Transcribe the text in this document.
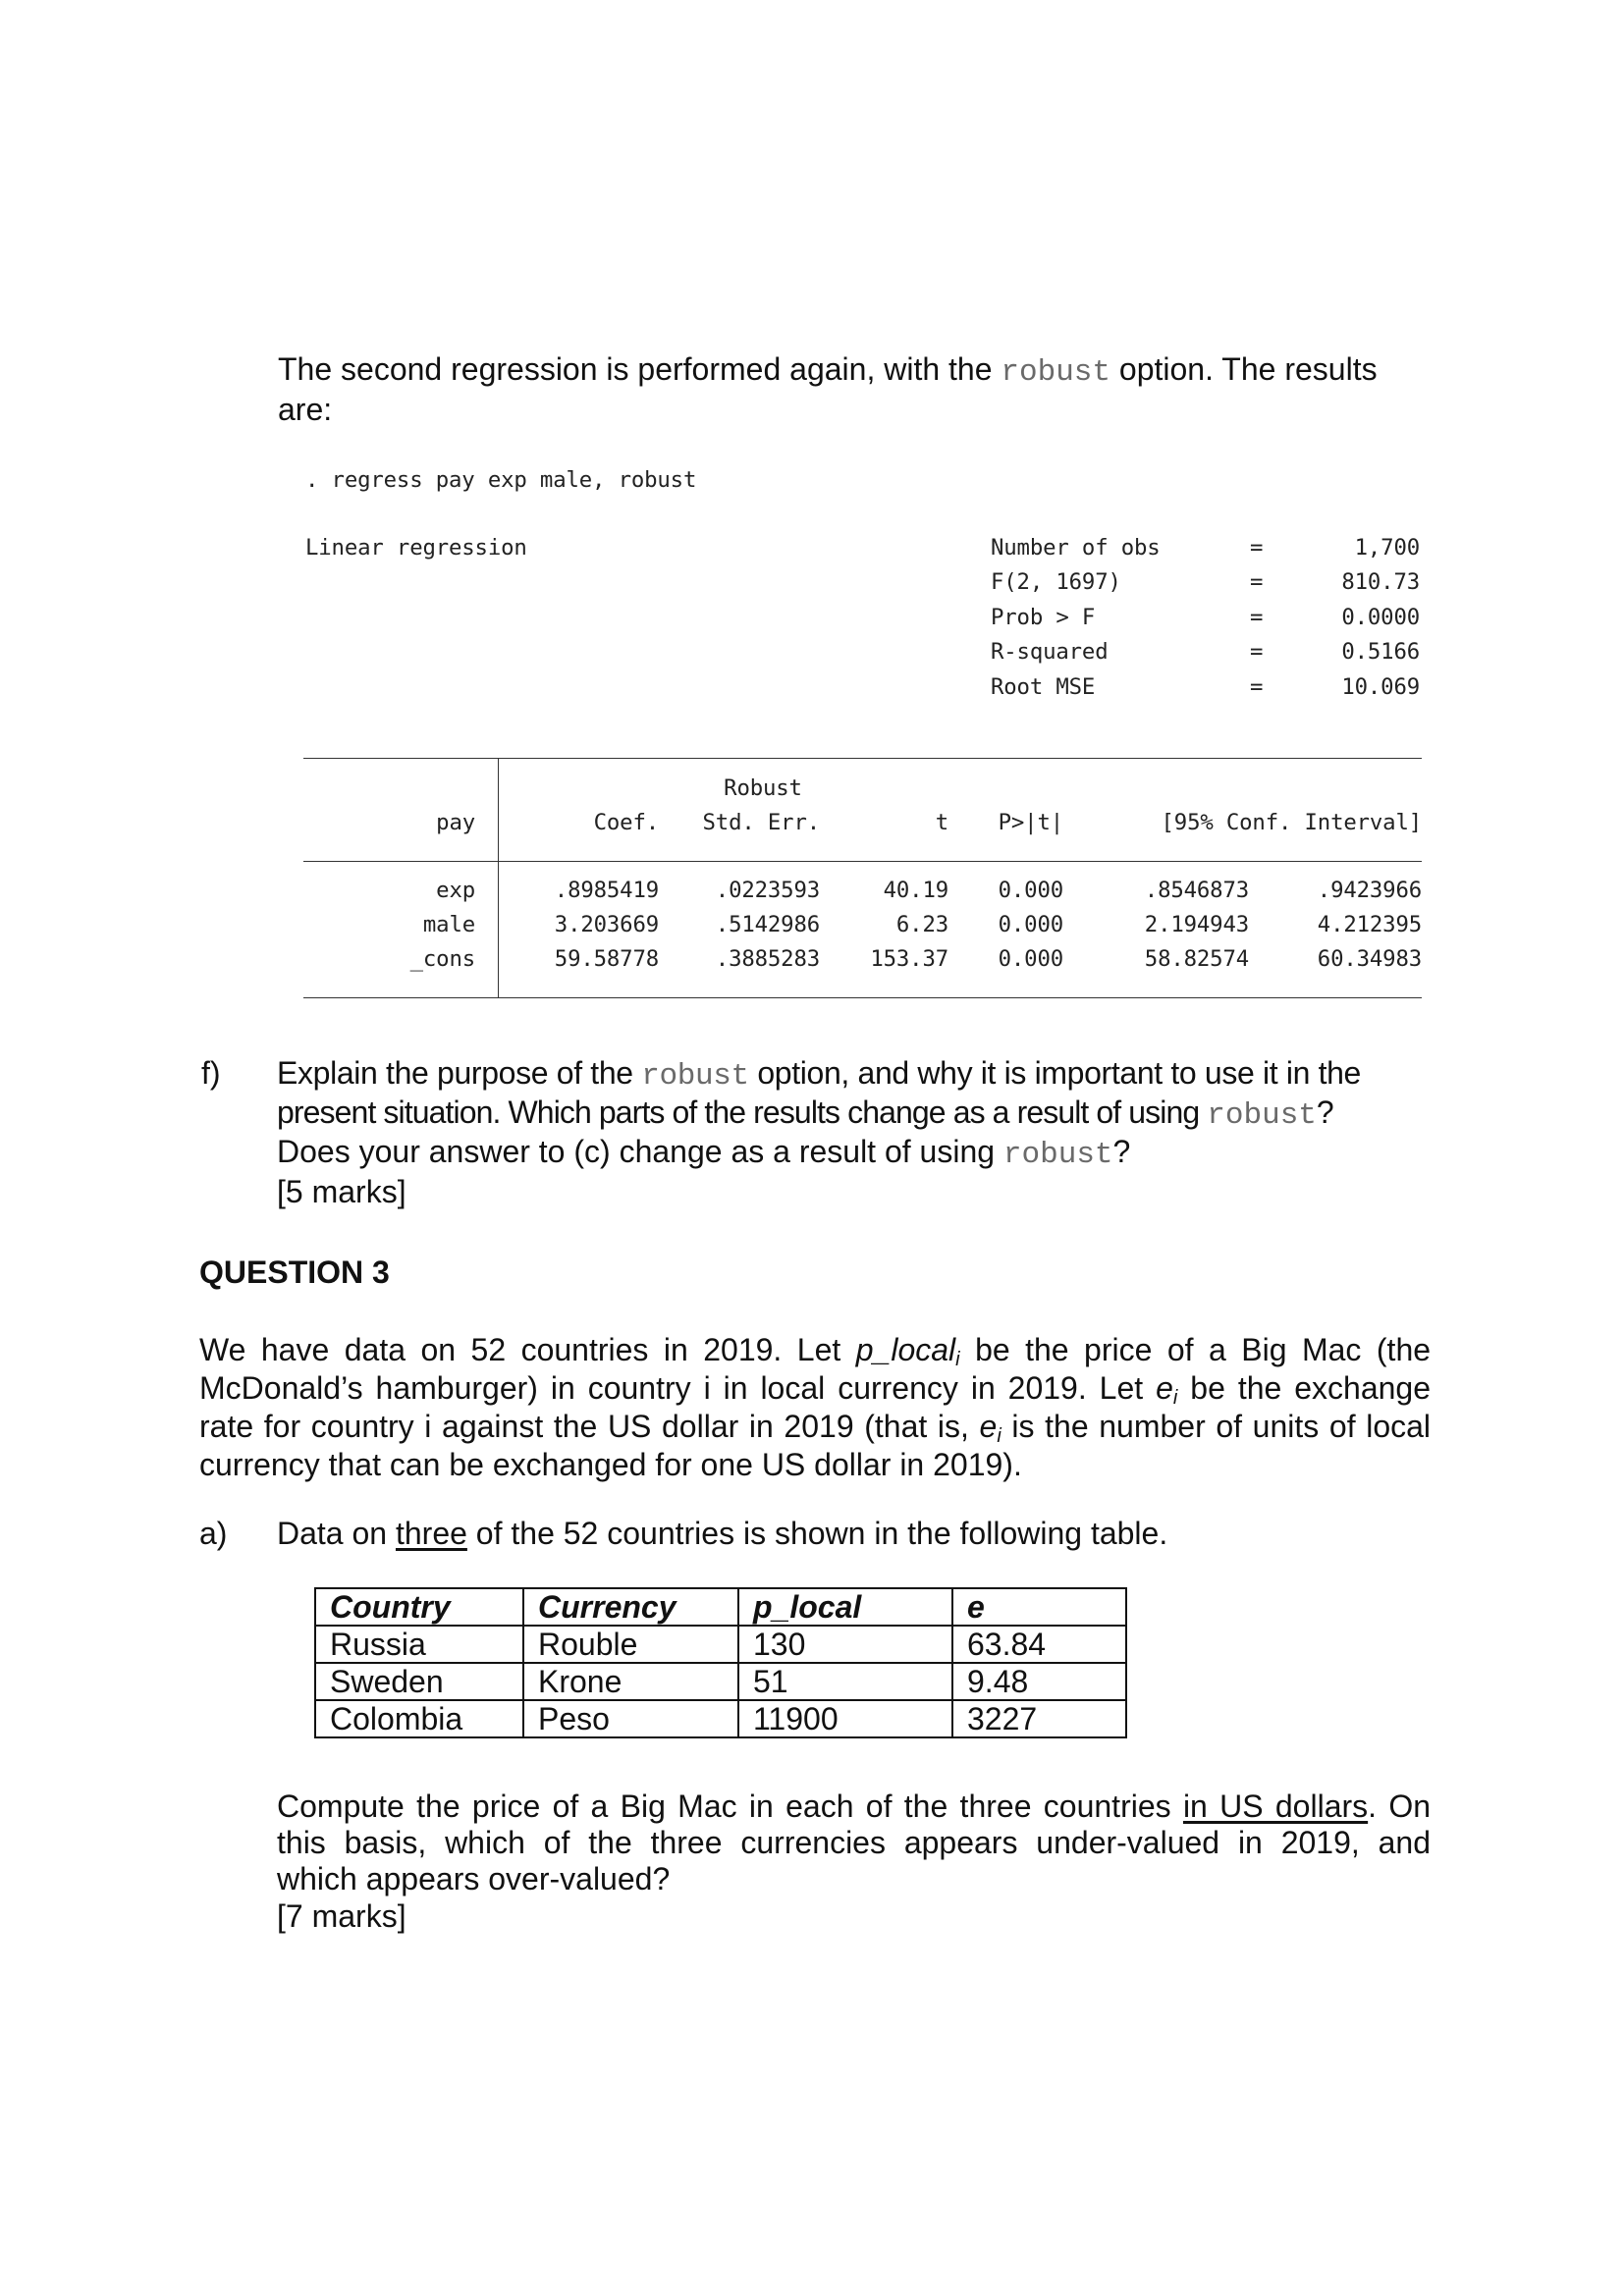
The second regression is performed again, with the robust option. The results
are:
. regress pay exp male, robust
Linear regression	Number of obs	=	1,700
F(2, 1697)	=	810.73
Prob > F	=	0.0000
R-squared	=	0.5166
Root MSE	=	10.069
Robust
pay	Coef. Std. Err.	t P>|t|	[95% Conf. Interval]
exp	.8985419	.0223593	40.19 0.000	.8546873	.9423966
male	3.203669	.5142986	6.23 0.000	2.194943	4.212395
_cons	59.58778	.3885283 153.37 0.000	58.82574	60.34983
f) Explain the purpose of the robust option, and why it is important to use it in the
present situation. Which parts of the results change as a result of using robust?
Does your answer to (c) change as a result of using robust?
[5 marks]
QUESTION 3
We have data on 52 countries in 2019. Let p_local$_i$ be the price of a Big Mac (the
McDonald’s hamburger) in country i in local currency in 2019. Let $e_i$ be the exchange
rate for country i against the US dollar in 2019 (that is, $e_i$ is the number of units of local
currency that can be exchanged for one US dollar in 2019).
a) Data on three of the 52 countries is shown in the following table.
Country	Currency	p_local	e
Russia	Rouble	130	63.84
Sweden	Krone	51	9.48
Colombia	Peso	11900	3227
Compute the price of a Big Mac in each of the three countries in US dollars. On
this basis, which of the three currencies appears under-valued in 2019, and
which appears over-valued?
[7 marks]
